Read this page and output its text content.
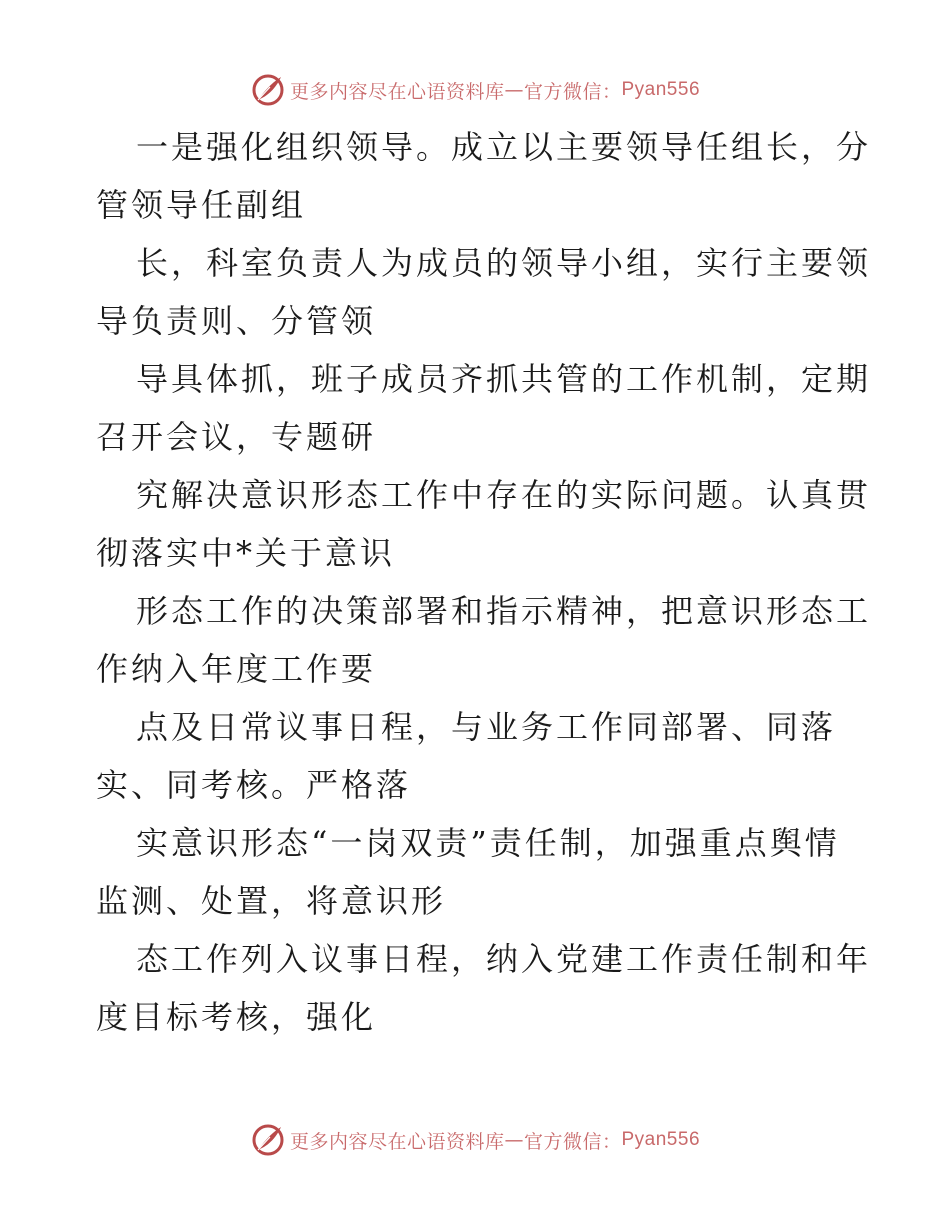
更多内容尽在心语资料库 — 官方微信： Pyan556

一是强化组织领导。成立以主要领导任组长，分
管领导任副组

长，科室负责人为成员的领导小组，实行主要领
导负责则、分管领

导具体抓，班子成员齐抓共管的工作机制，定期
召开会议，专题研

究解决意识形态工作中存在的实际问题。认真贯
彻落实中*关于意识

形态工作的决策部署和指示精神，把意识形态工
作纳入年度工作要

点及日常议事日程，与业务工作同部署、同落
实、同考核。严格落

实意识形态“一岗双责”责任制，加强重点舆情
监测、处置，将意识形

态工作列入议事日程，纳入党建工作责任制和年
度目标考核，强化

更多内容尽在心语资料库 — 官方微信： Pyan556
